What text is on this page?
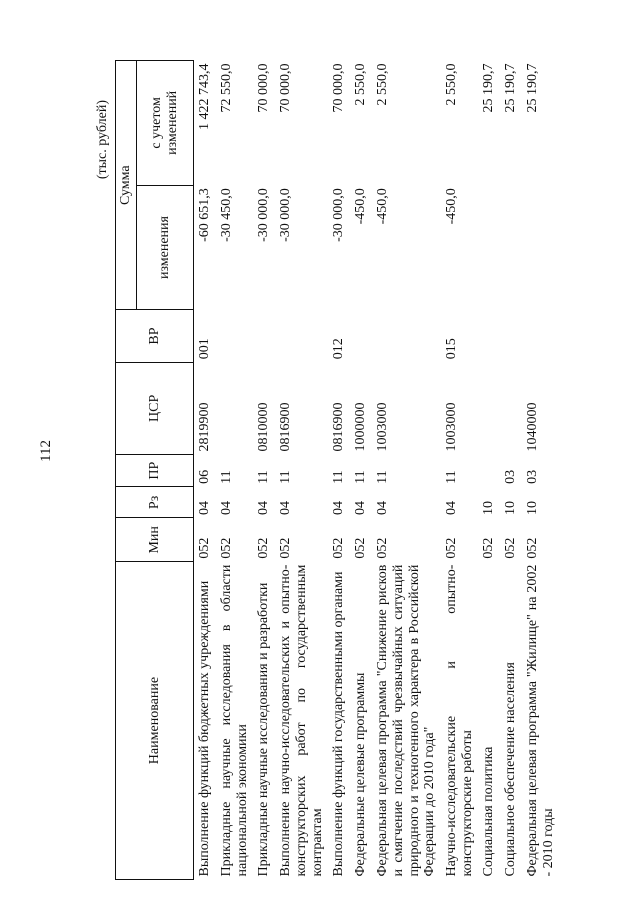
112
(тыс. рублей)
Наименование	Мин	Рз	ПР	ЦСР	ВР	Сумма	
						изменения	с учетом изменений

Выполнение функций бюджетных учреждениями	052	04	06	2819900	001	-60 651,3	1 422 743,4

Прикладные научные исследования в области национальной экономики	052	04	11			-30 450,0	72 550,0

Прикладные научные исследования и разработки	052	04	11	0810000		-30 000,0	70 000,0

Выполнение научно-исследовательских и опытно-конструкторских работ по государственным контрактам	052	04	11	0816900		-30 000,0	70 000,0

Выполнение функций государственными органами	052	04	11	0816900	012	-30 000,0	70 000,0

Федеральные целевые программы	052	04	11	1000000		-450,0	2 550,0

Федеральная целевая программа "Снижение рисков и смягчение последствий чрезвычайных ситуаций природного и техногенного характера в Российской Федерации до 2010 года"	052	04	11	1003000		-450,0	2 550,0

Научно-исследовательские и опытно-конструкторские работы	052	04	11	1003000	015	-450,0	2 550,0

Социальная политика	052	10					25 190,7

Социальное обеспечение населения	052	10	03				25 190,7

Федеральная целевая программа "Жилище" на 2002 - 2010 годы	052	10	03	1040000			25 190,7
